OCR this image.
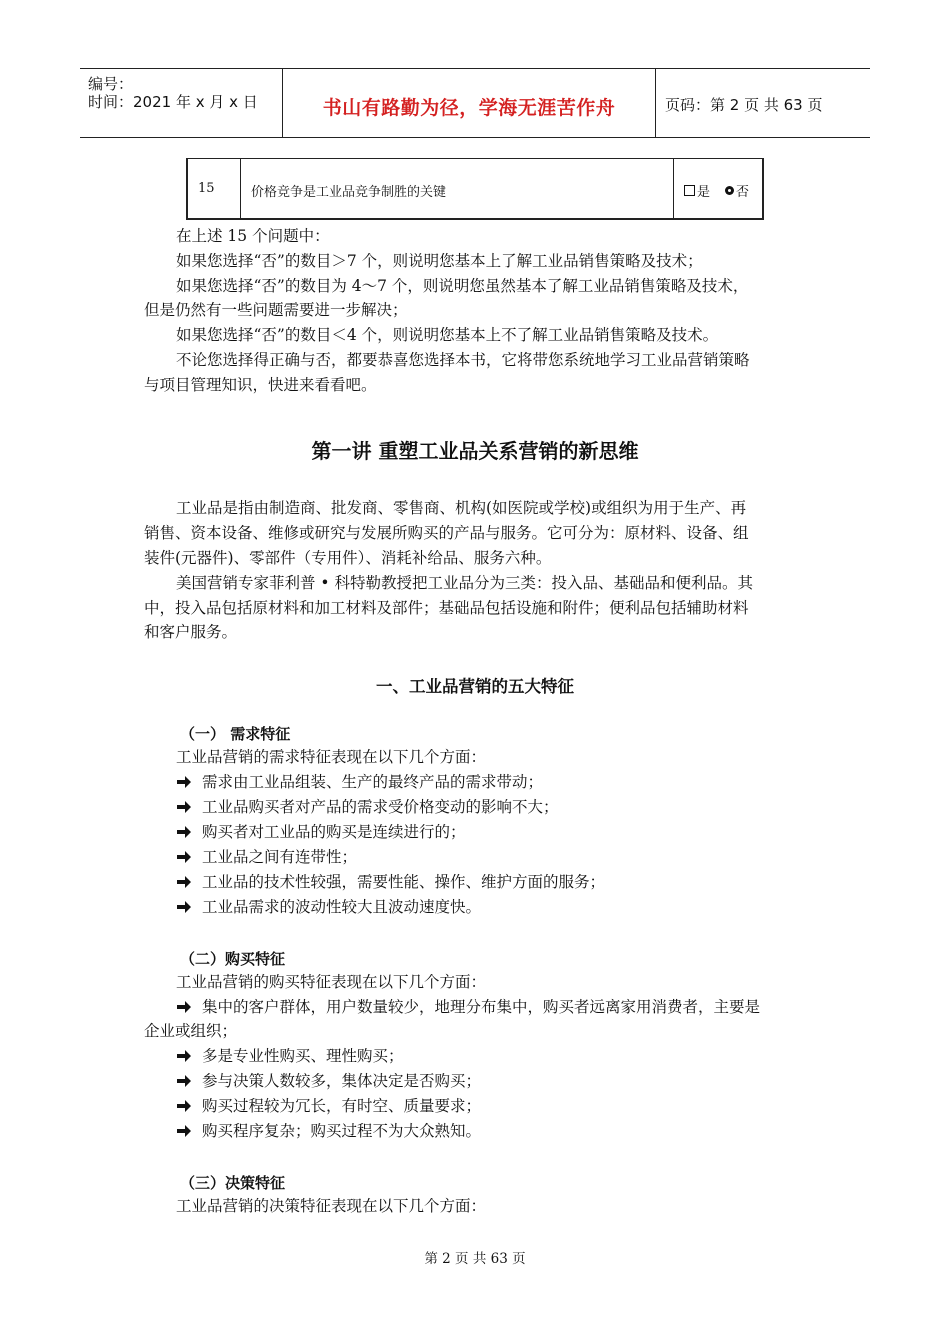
编号：
时间：2021 年 x 月 x 日	书山有路勤为径，学海无涯苦作舟	页码：第 2 页 共 63 页
15	价格竞争是工业品竞争制胜的关键	是 否
在上述 15 个问题中：
如果您选择“否”的数目＞7 个，则说明您基本上了解工业品销售策略及技术；
如果您选择“否”的数目为 4～7 个，则说明您虽然基本了解工业品销售策略及技术，
但是仍然有一些问题需要进一步解决；
如果您选择“否”的数目＜4 个，则说明您基本上不了解工业品销售策略及技术。
不论您选择得正确与否，都要恭喜您选择本书，它将带您系统地学习工业品营销策略
与项目管理知识，快进来看看吧。
第一讲 重塑工业品关系营销的新思维
工业品是指由制造商、批发商、零售商、机构(如医院或学校)或组织为用于生产、再
销售、资本设备、维修或研究与发展所购买的产品与服务。它可分为：原材料、设备、组
装件(元器件)、零部件（专用件）、消耗补给品、服务六种。
美国营销专家菲利普 • 科特勒教授把工业品分为三类：投入品、基础品和便利品。其
中，投入品包括原材料和加工材料及部件；基础品包括设施和附件；便利品包括辅助材料
和客户服务。
一、工业品营销的五大特征
（一） 需求特征
工业品营销的需求特征表现在以下几个方面：
需求由工业品组装、生产的最终产品的需求带动；
工业品购买者对产品的需求受价格变动的影响不大；
购买者对工业品的购买是连续进行的；
工业品之间有连带性；
工业品的技术性较强，需要性能、操作、维护方面的服务；
工业品需求的波动性较大且波动速度快。
（二）购买特征
工业品营销的购买特征表现在以下几个方面：
集中的客户群体，用户数量较少，地理分布集中，购买者远离家用消费者，主要是
企业或组织；
多是专业性购买、理性购买；
参与决策人数较多，集体决定是否购买；
购买过程较为冗长，有时空、质量要求；
购买程序复杂；购买过程不为大众熟知。
（三）决策特征
工业品营销的决策特征表现在以下几个方面：
第 2 页 共 63 页
